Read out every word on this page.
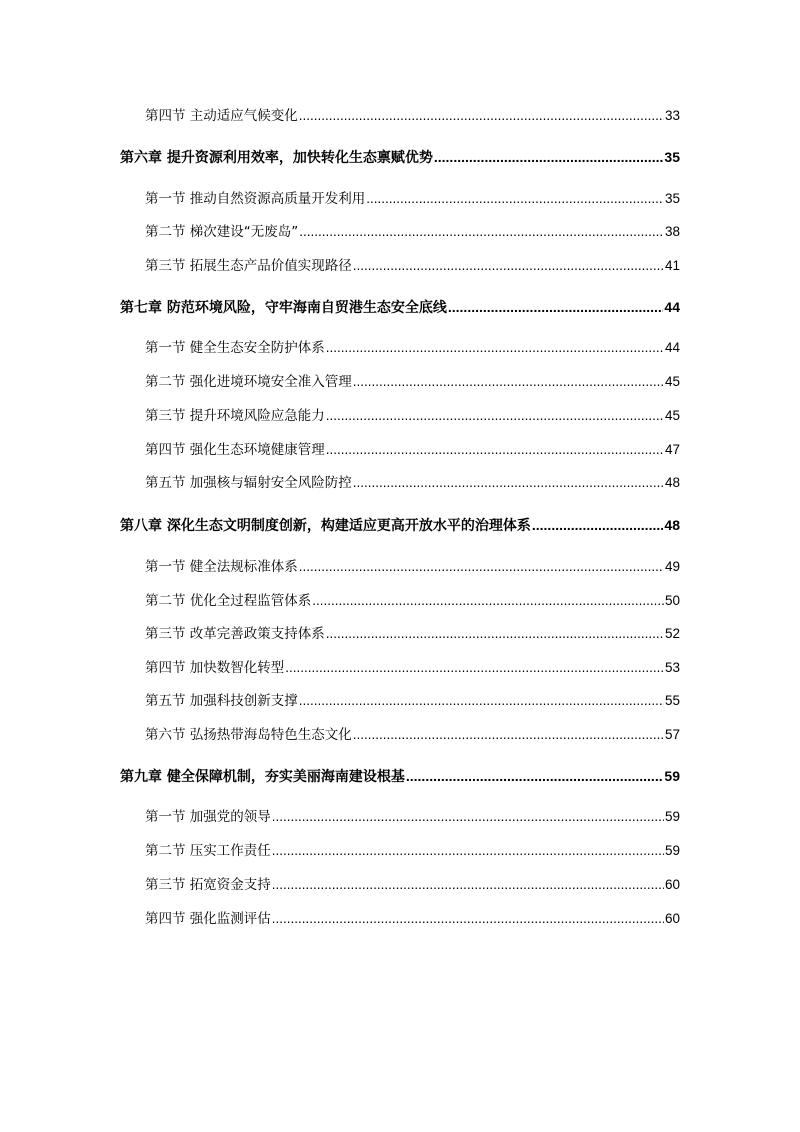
第四节 主动适应气候变化 .....	33
第六章 提升资源利用效率，加快转化生态禀赋优势 .....	35
第一节 推动自然资源高质量开发利用 .....	35
第二节 梯次建设“无废岛” .....	38
第三节 拓展生态产品价值实现路径 .....	41
第七章 防范环境风险，守牢海南自贸港生态安全底线 .....	44
第一节 健全生态安全防护体系 .....	44
第二节 强化进境环境安全准入管理 .....	45
第三节 提升环境风险应急能力 .....	45
第四节 强化生态环境健康管理 .....	47
第五节 加强核与辐射安全风险防控 .....	48
第八章 深化生态文明制度创新，构建适应更高开放水平的治理体系 .....	48
第一节 健全法规标准体系 .....	49
第二节 优化全过程监管体系 .....	50
第三节 改革完善政策支持体系 .....	52
第四节 加快数智化转型 .....	53
第五节 加强科技创新支撑 .....	55
第六节 弘扬热带海岛特色生态文化 .....	57
第九章 健全保障机制，夯实美丽海南建设根基 .....	59
第一节 加强党的领导 .....	59
第二节 压实工作责任 .....	59
第三节 拓宽资金支持 .....	60
第四节 强化监测评估 .....	60
